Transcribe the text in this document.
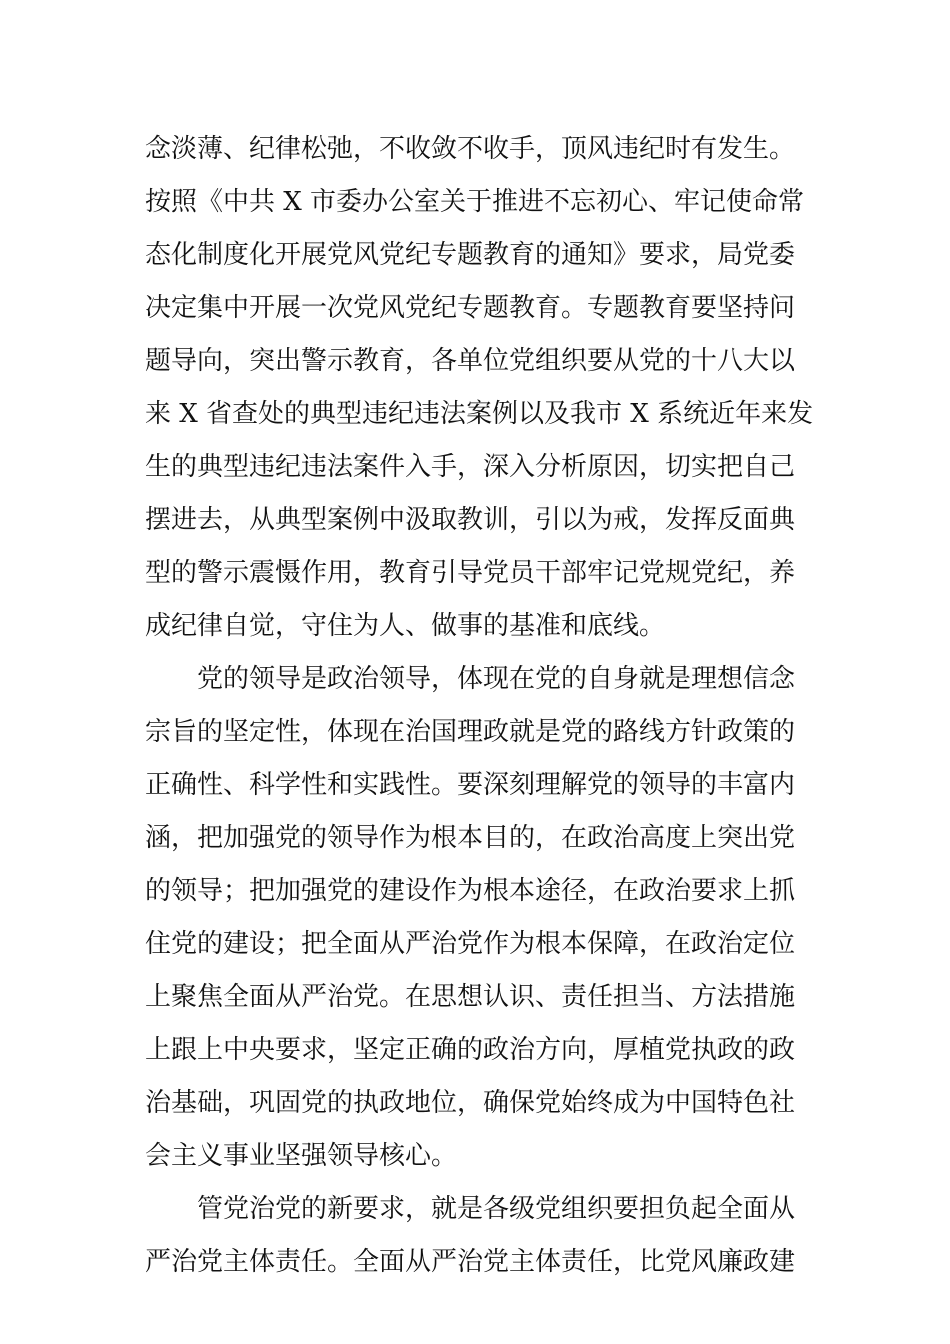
念淡薄、纪律松弛，不收敛不收手，顶风违纪时有发生。
按照《中共 X 市委办公室关于推进不忘初心、牢记使命常
态化制度化开展党风党纪专题教育的通知》要求，局党委
决定集中开展一次党风党纪专题教育。专题教育要坚持问
题导向，突出警示教育，各单位党组织要从党的十八大以
来 X 省查处的典型违纪违法案例以及我市 X 系统近年来发
生的典型违纪违法案件入手，深入分析原因，切实把自己
摆进去，从典型案例中汲取教训，引以为戒，发挥反面典
型的警示震慑作用，教育引导党员干部牢记党规党纪，养
成纪律自觉，守住为人、做事的基准和底线。
党的领导是政治领导，体现在党的自身就是理想信念
宗旨的坚定性，体现在治国理政就是党的路线方针政策的
正确性、科学性和实践性。要深刻理解党的领导的丰富内
涵，把加强党的领导作为根本目的，在政治高度上突出党
的领导；把加强党的建设作为根本途径，在政治要求上抓
住党的建设；把全面从严治党作为根本保障，在政治定位
上聚焦全面从严治党。在思想认识、责任担当、方法措施
上跟上中央要求，坚定正确的政治方向，厚植党执政的政
治基础，巩固党的执政地位，确保党始终成为中国特色社
会主义事业坚强领导核心。
管党治党的新要求，就是各级党组织要担负起全面从
严治党主体责任。全面从严治党主体责任，比党风廉政建
